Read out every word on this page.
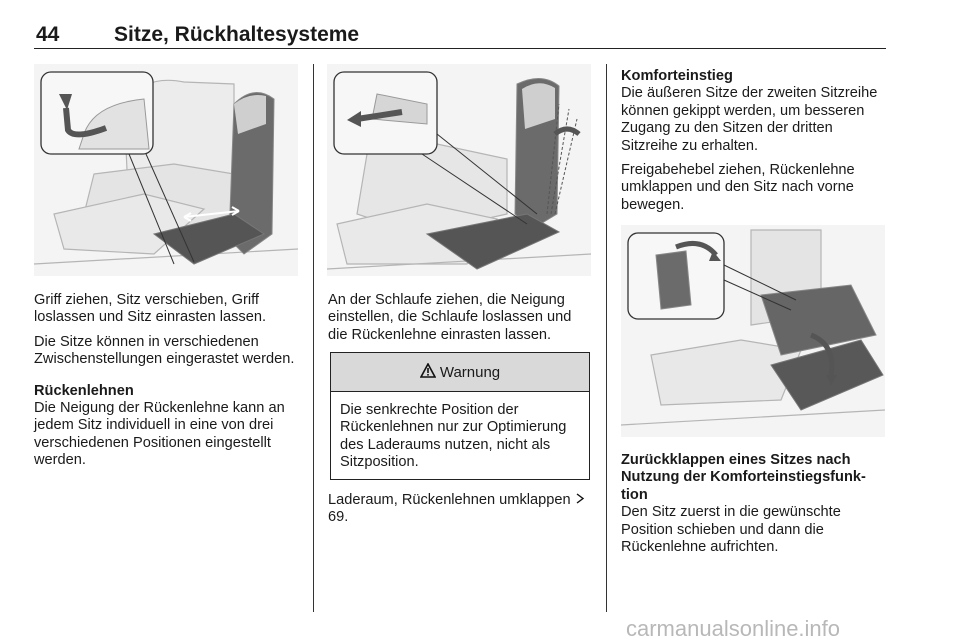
44	Sitze, Rückhaltesysteme

Griff ziehen, Sitz verschieben, Griff loslassen und Sitz einrasten lassen.

Die Sitze können in verschiedenen Zwischenstellungen eingerastet werden.

Rückenlehnen

Die Neigung der Rückenlehne kann an jedem Sitz individuell in eine von drei verschiedenen Positionen eingestellt werden.

An der Schlaufe ziehen, die Neigung einstellen, die Schlaufe loslassen und die Rückenlehne einrasten lassen.

Warnung
Die senkrechte Position der Rückenlehnen nur zur Optimierung des Laderaums nutzen, nicht als Sitzposition.

Laderaum, Rückenlehnen umklappen  69.

Komforteinstieg

Die äußeren Sitze der zweiten Sitzreihe können gekippt werden, um besseren Zugang zu den Sitzen der dritten Sitzreihe zu erhalten.

Freigabehebel ziehen, Rückenlehne umklappen und den Sitz nach vorne bewegen.

Zurückklappen eines Sitzes nach Nutzung der Komforteinstiegsfunktion

Den Sitz zuerst in die gewünschte Position schieben und dann die Rückenlehne aufrichten.

carmanualsonline.info
